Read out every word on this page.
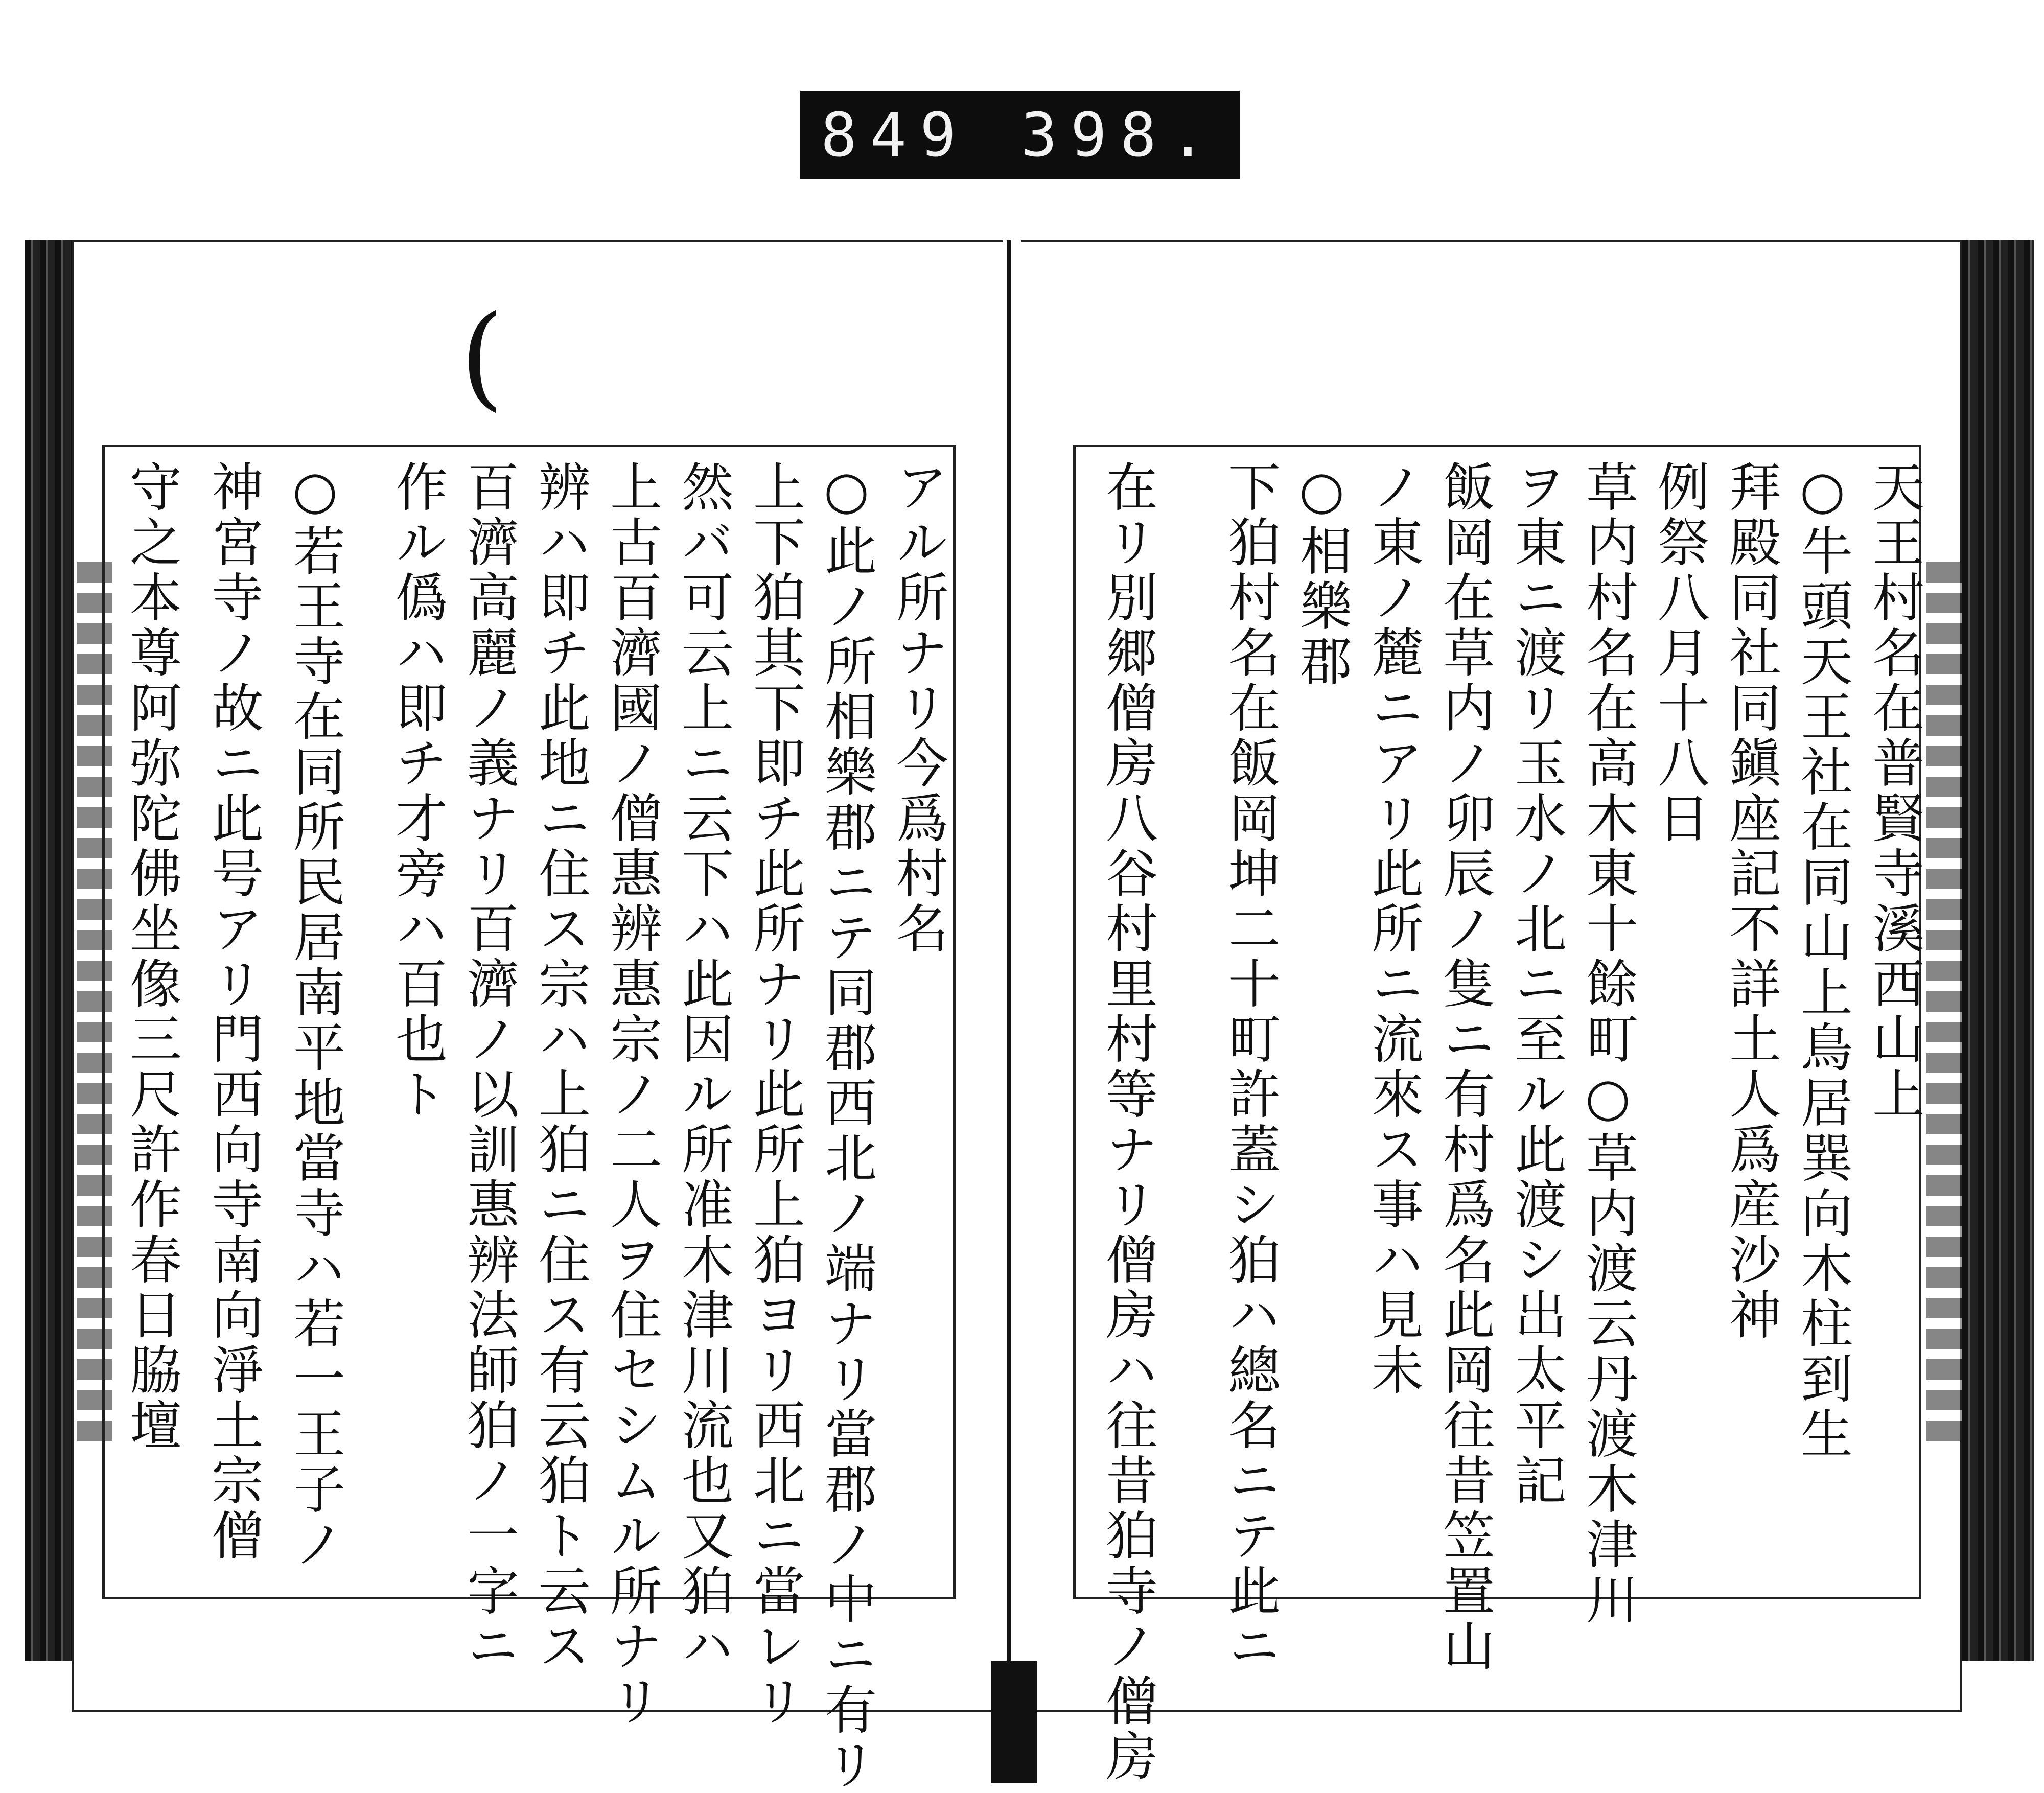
849 398.
(
天王村名在普賢寺溪西山上
○牛頭天王社在同山上鳥居巽向木柱到生
拜殿同社同鎭座記不詳土人爲産沙神
例祭八月十八日
草内村名在高木東十餘町○草内渡云丹渡木津川
ヲ東ニ渡リ玉水ノ北ニ至ル此渡シ出太平記
飯岡在草内ノ卯辰ノ隻ニ有村爲名此岡往昔笠置山
ノ東ノ麓ニアリ此所ニ流來ス事ハ見未
○相樂郡
下狛村名在飯岡坤二十町許蓋シ狛ハ總名ニテ此ニ
在リ別郷僧房八谷村里村等ナリ僧房ハ往昔狛寺ノ僧房
アル所ナリ今爲村名
○此ノ所相樂郡ニテ同郡西北ノ端ナリ當郡ノ中ニ有リ
上下狛其下即チ此所ナリ此所上狛ヨリ西北ニ當レリ
然バ可云上ニ云下ハ此因ル所准木津川流也又狛ハ
上古百濟國ノ僧惠辨惠宗ノ二人ヲ住セシムル所ナリ
辨ハ即チ此地ニ住ス宗ハ上狛ニ住ス有云狛ト云ス
百濟高麗ノ義ナリ百濟ノ以訓惠辨法師狛ノ一字ニ
作ル僞ハ即チ才旁ハ百也ト
○若王寺在同所民居南平地當寺ハ若一王子ノ
神宮寺ノ故ニ此号アリ門西向寺南向淨土宗僧
守之本尊阿弥陀佛坐像三尺許作春日脇壇
